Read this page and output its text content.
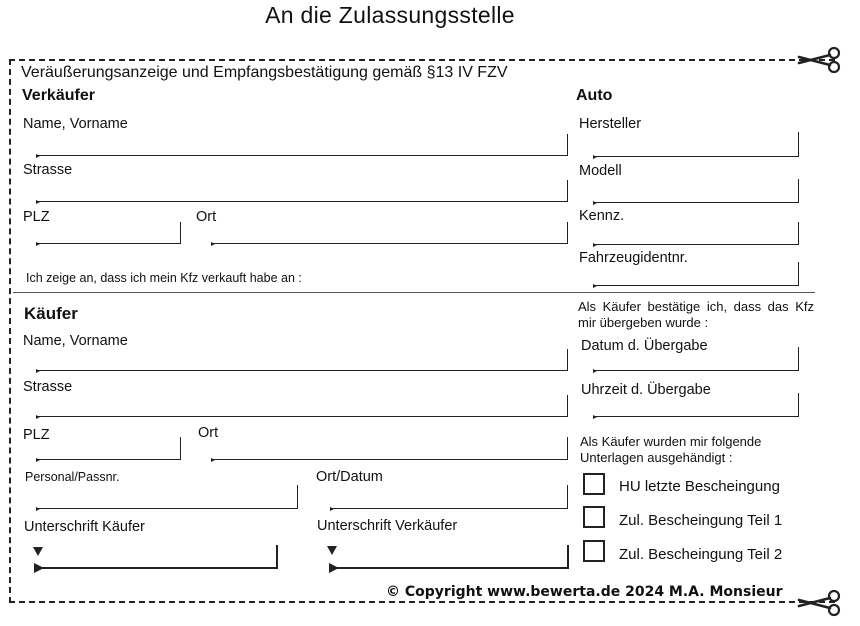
An die Zulassungsstelle
Veräußerungsanzeige und Empfangsbestätigung gemäß §13 IV FZV
Verkäufer
Name, Vorname
Strasse
PLZ	Ort
Ich zeige an, dass ich mein Kfz verkauft habe an :
Auto
Hersteller
Modell
Kennz.
Fahrzeugidentnr.
Käufer
Name, Vorname
Strasse
PLZ	Ort
Personal/Passnr.	Ort/Datum
Unterschrift Käufer	Unterschrift Verkäufer
Als Käufer bestätige ich, dass das Kfz mir übergeben wurde :
Datum d. Übergabe
Uhrzeit d. Übergabe
Als Käufer wurden mir folgende Unterlagen ausgehändigt :
HU letzte Bescheingung
Zul. Bescheingung Teil 1
Zul. Bescheingung Teil 2
© Copyright www.bewerta.de 2024 M.A. Monsieur
